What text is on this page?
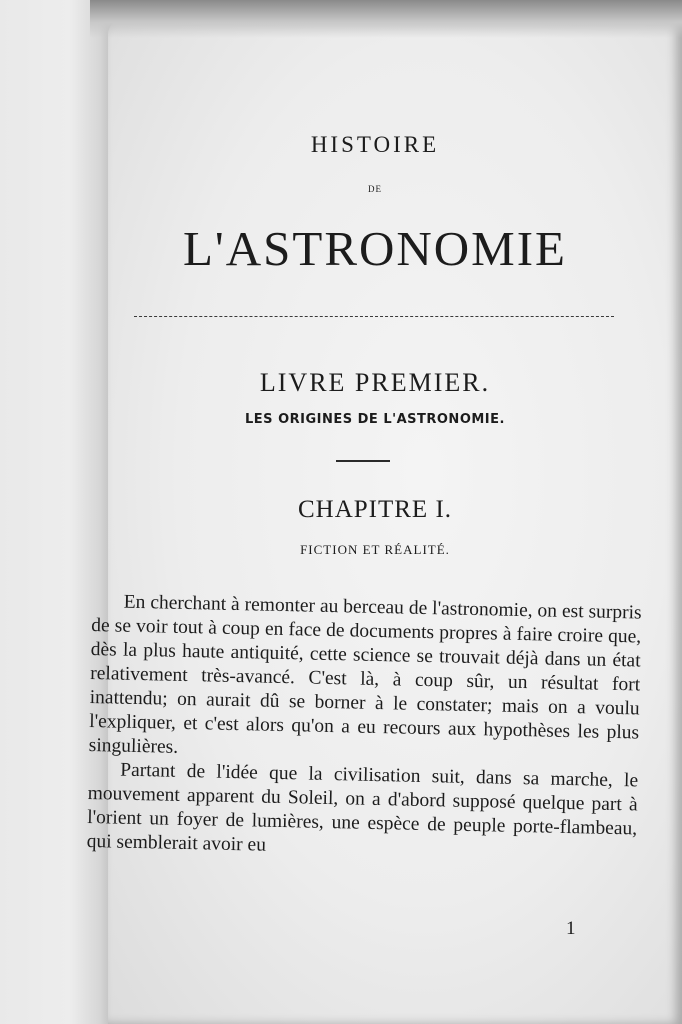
HISTOIRE
DE
L'ASTRONOMIE
LIVRE PREMIER.
LES ORIGINES DE L'ASTRONOMIE.
CHAPITRE I.
FICTION ET RÉALITÉ.

En cherchant à remonter au berceau de l'astronomie, on est surpris de se voir tout à coup en face de documents propres à faire croire que, dès la plus haute antiquité, cette science se trouvait déjà dans un état relativement très-avancé. C'est là, à coup sûr, un résultat fort inattendu; on aurait dû se borner à le constater; mais on a voulu l'expliquer, et c'est alors qu'on a eu recours aux hypothèses les plus singulières.

Partant de l'idée que la civilisation suit, dans sa marche, le mouvement apparent du Soleil, on a d'abord supposé quelque part à l'orient un foyer de lumières, une espèce de peuple porte-flambeau, qui semblerait avoir eu

1
